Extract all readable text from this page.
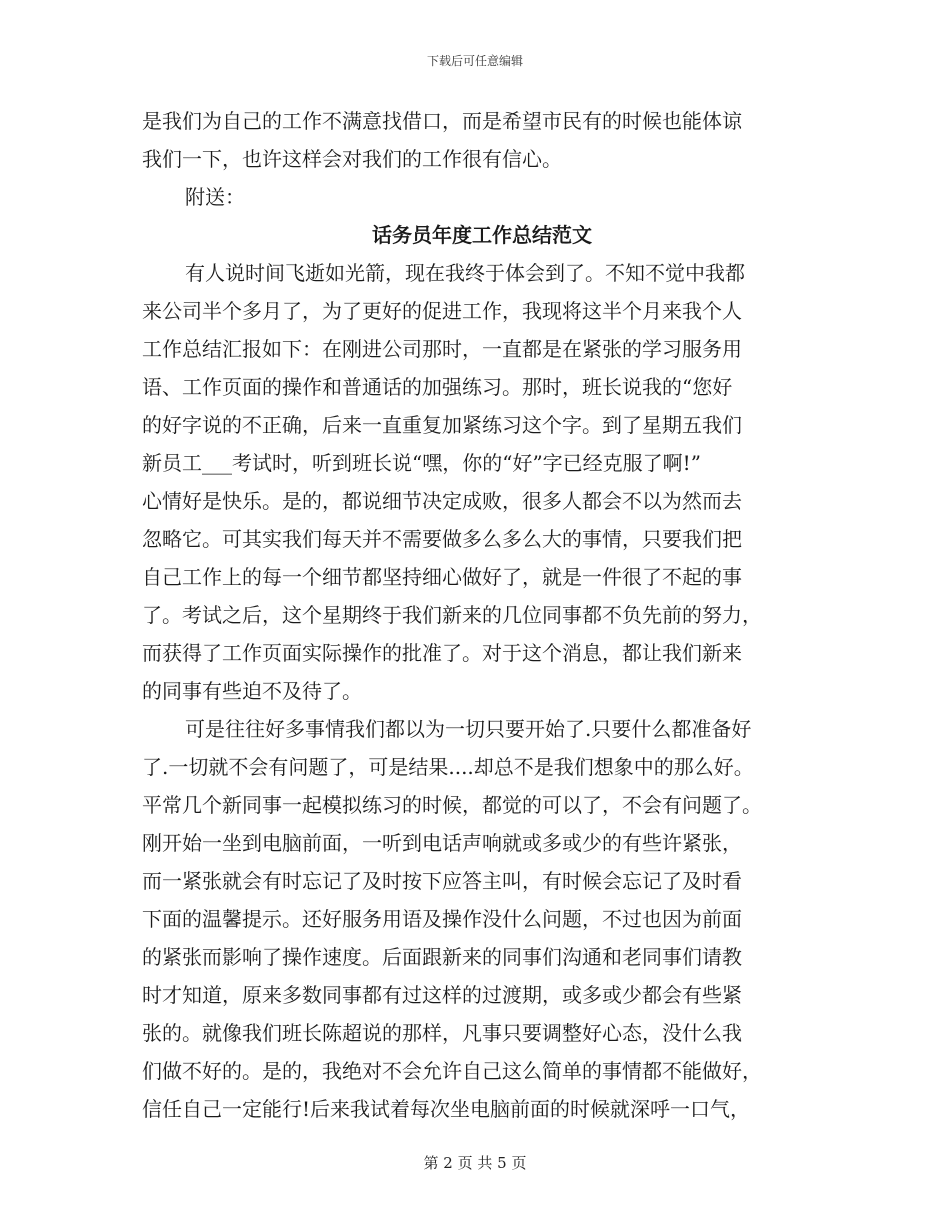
下载后可任意编辑
是我们为自己的工作不满意找借口，而是希望市民有的时候也能体谅
我们一下，也许这样会对我们的工作很有信心。
附送：
话务员年度工作总结范文
有人说时间飞逝如光箭，现在我终于体会到了。不知不觉中我都
来公司半个多月了，为了更好的促进工作，我现将这半个月来我个人
工作总结汇报如下：在刚进公司那时，一直都是在紧张的学习服务用
语、工作页面的操作和普通话的加强练习。那时，班长说我的“您好
的好字说的不正确，后来一直重复加紧练习这个字。到了星期五我们
新员工___考试时，听到班长说“嘿，你的“好”字已经克服了啊!”
心情好是快乐。是的，都说细节决定成败，很多人都会不以为然而去
忽略它。可其实我们每天并不需要做多么多么大的事情，只要我们把
自己工作上的每一个细节都坚持细心做好了，就是一件很了不起的事
了。考试之后，这个星期终于我们新来的几位同事都不负先前的努力，
而获得了工作页面实际操作的批准了。对于这个消息，都让我们新来
的同事有些迫不及待了。
可是往往好多事情我们都以为一切只要开始了.只要什么都准备好
了.一切就不会有问题了，可是结果....却总不是我们想象中的那么好。
平常几个新同事一起模拟练习的时候，都觉的可以了，不会有问题了。
刚开始一坐到电脑前面，一听到电话声响就或多或少的有些许紧张，
而一紧张就会有时忘记了及时按下应答主叫，有时候会忘记了及时看
下面的温馨提示。还好服务用语及操作没什么问题，不过也因为前面
的紧张而影响了操作速度。后面跟新来的同事们沟通和老同事们请教
时才知道，原来多数同事都有过这样的过渡期，或多或少都会有些紧
张的。就像我们班长陈超说的那样，凡事只要调整好心态，没什么我
们做不好的。是的，我绝对不会允许自己这么简单的事情都不能做好，
信任自己一定能行!后来我试着每次坐电脑前面的时候就深呼一口气，
第 2 页 共 5 页
